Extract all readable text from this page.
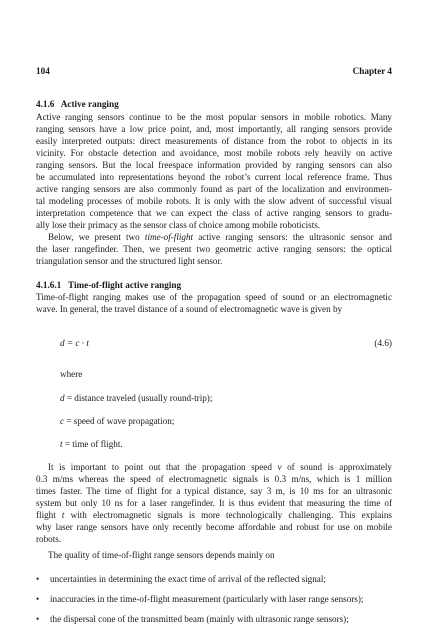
104	Chapter 4
4.1.6 Active ranging
Active ranging sensors continue to be the most popular sensors in mobile robotics. Many
ranging sensors have a low price point, and, most importantly, all ranging sensors provide
easily interpreted outputs: direct measurements of distance from the robot to objects in its
vicinity. For obstacle detection and avoidance, most mobile robots rely heavily on active
ranging sensors. But the local freespace information provided by ranging sensors can also
be accumulated into representations beyond the robot’s current local reference frame. Thus
active ranging sensors are also commonly found as part of the localization and environmen-
tal modeling processes of mobile robots. It is only with the slow advent of successful visual
interpretation competence that we can expect the class of active ranging sensors to gradu-
ally lose their primacy as the sensor class of choice among mobile roboticists.
Below, we present two time-of-flight active ranging sensors: the ultrasonic sensor and
the laser rangefinder. Then, we present two geometric active ranging sensors: the optical
triangulation sensor and the structured light sensor.
4.1.6.1 Time-of-flight active ranging
Time-of-flight ranging makes use of the propagation speed of sound or an electromagnetic
wave. In general, the travel distance of a sound of electromagnetic wave is given by
d = c · t	(4.6)
where
d = distance traveled (usually round-trip);
c = speed of wave propagation;
t = time of flight.
It is important to point out that the propagation speed v of sound is approximately
0.3 m/ms whereas the speed of electromagnetic signals is 0.3 m/ns, which is 1 million
times faster. The time of flight for a typical distance, say 3 m, is 10 ms for an ultrasonic
system but only 10 ns for a laser rangefinder. It is thus evident that measuring the time of
flight t with electromagnetic signals is more technologically challenging. This explains
why laser range sensors have only recently become affordable and robust for use on mobile
robots.
The quality of time-of-flight range sensors depends mainly on
• uncertainties in determining the exact time of arrival of the reflected signal;
• inaccuracies in the time-of-flight measurement (particularly with laser range sensors);
• the dispersal cone of the transmitted beam (mainly with ultrasonic range sensors);
